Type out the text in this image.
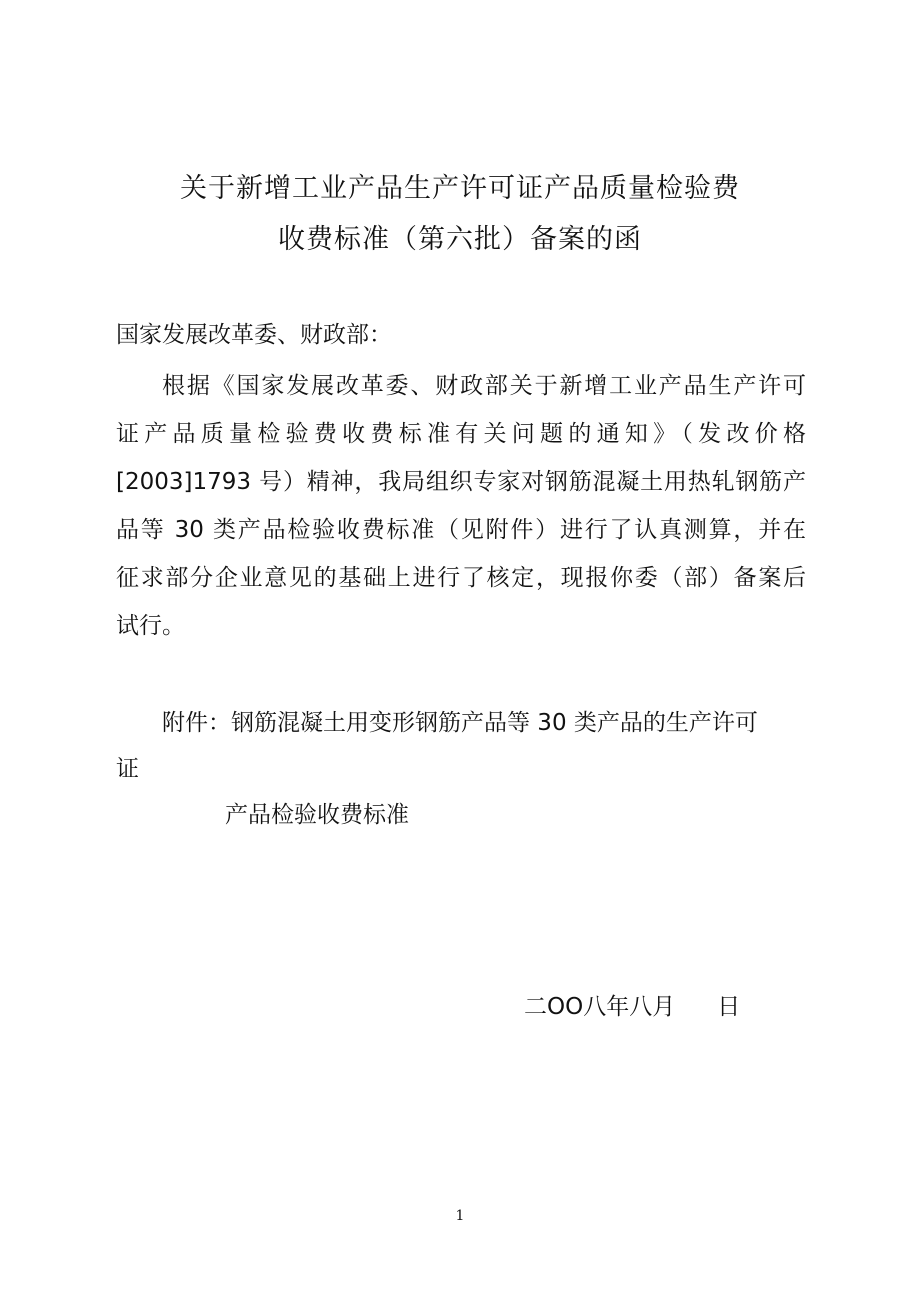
关于新增工业产品生产许可证产品质量检验费
收费标准（第六批）备案的函
国家发展改革委、财政部：
根据《国家发展改革委、财政部关于新增工业产品生产许可
证产品质量检验费收费标准有关问题的通知》（发改价格
[2003]1793 号）精神，我局组织专家对钢筋混凝土用热轧钢筋产
品等 30 类产品检验收费标准（见附件）进行了认真测算，并在
征求部分企业意见的基础上进行了核定，现报你委（部）备案后
试行。
附件：钢筋混凝土用变形钢筋产品等 30 类产品的生产许可
证
产品检验收费标准
二OO八年八月 日
1
